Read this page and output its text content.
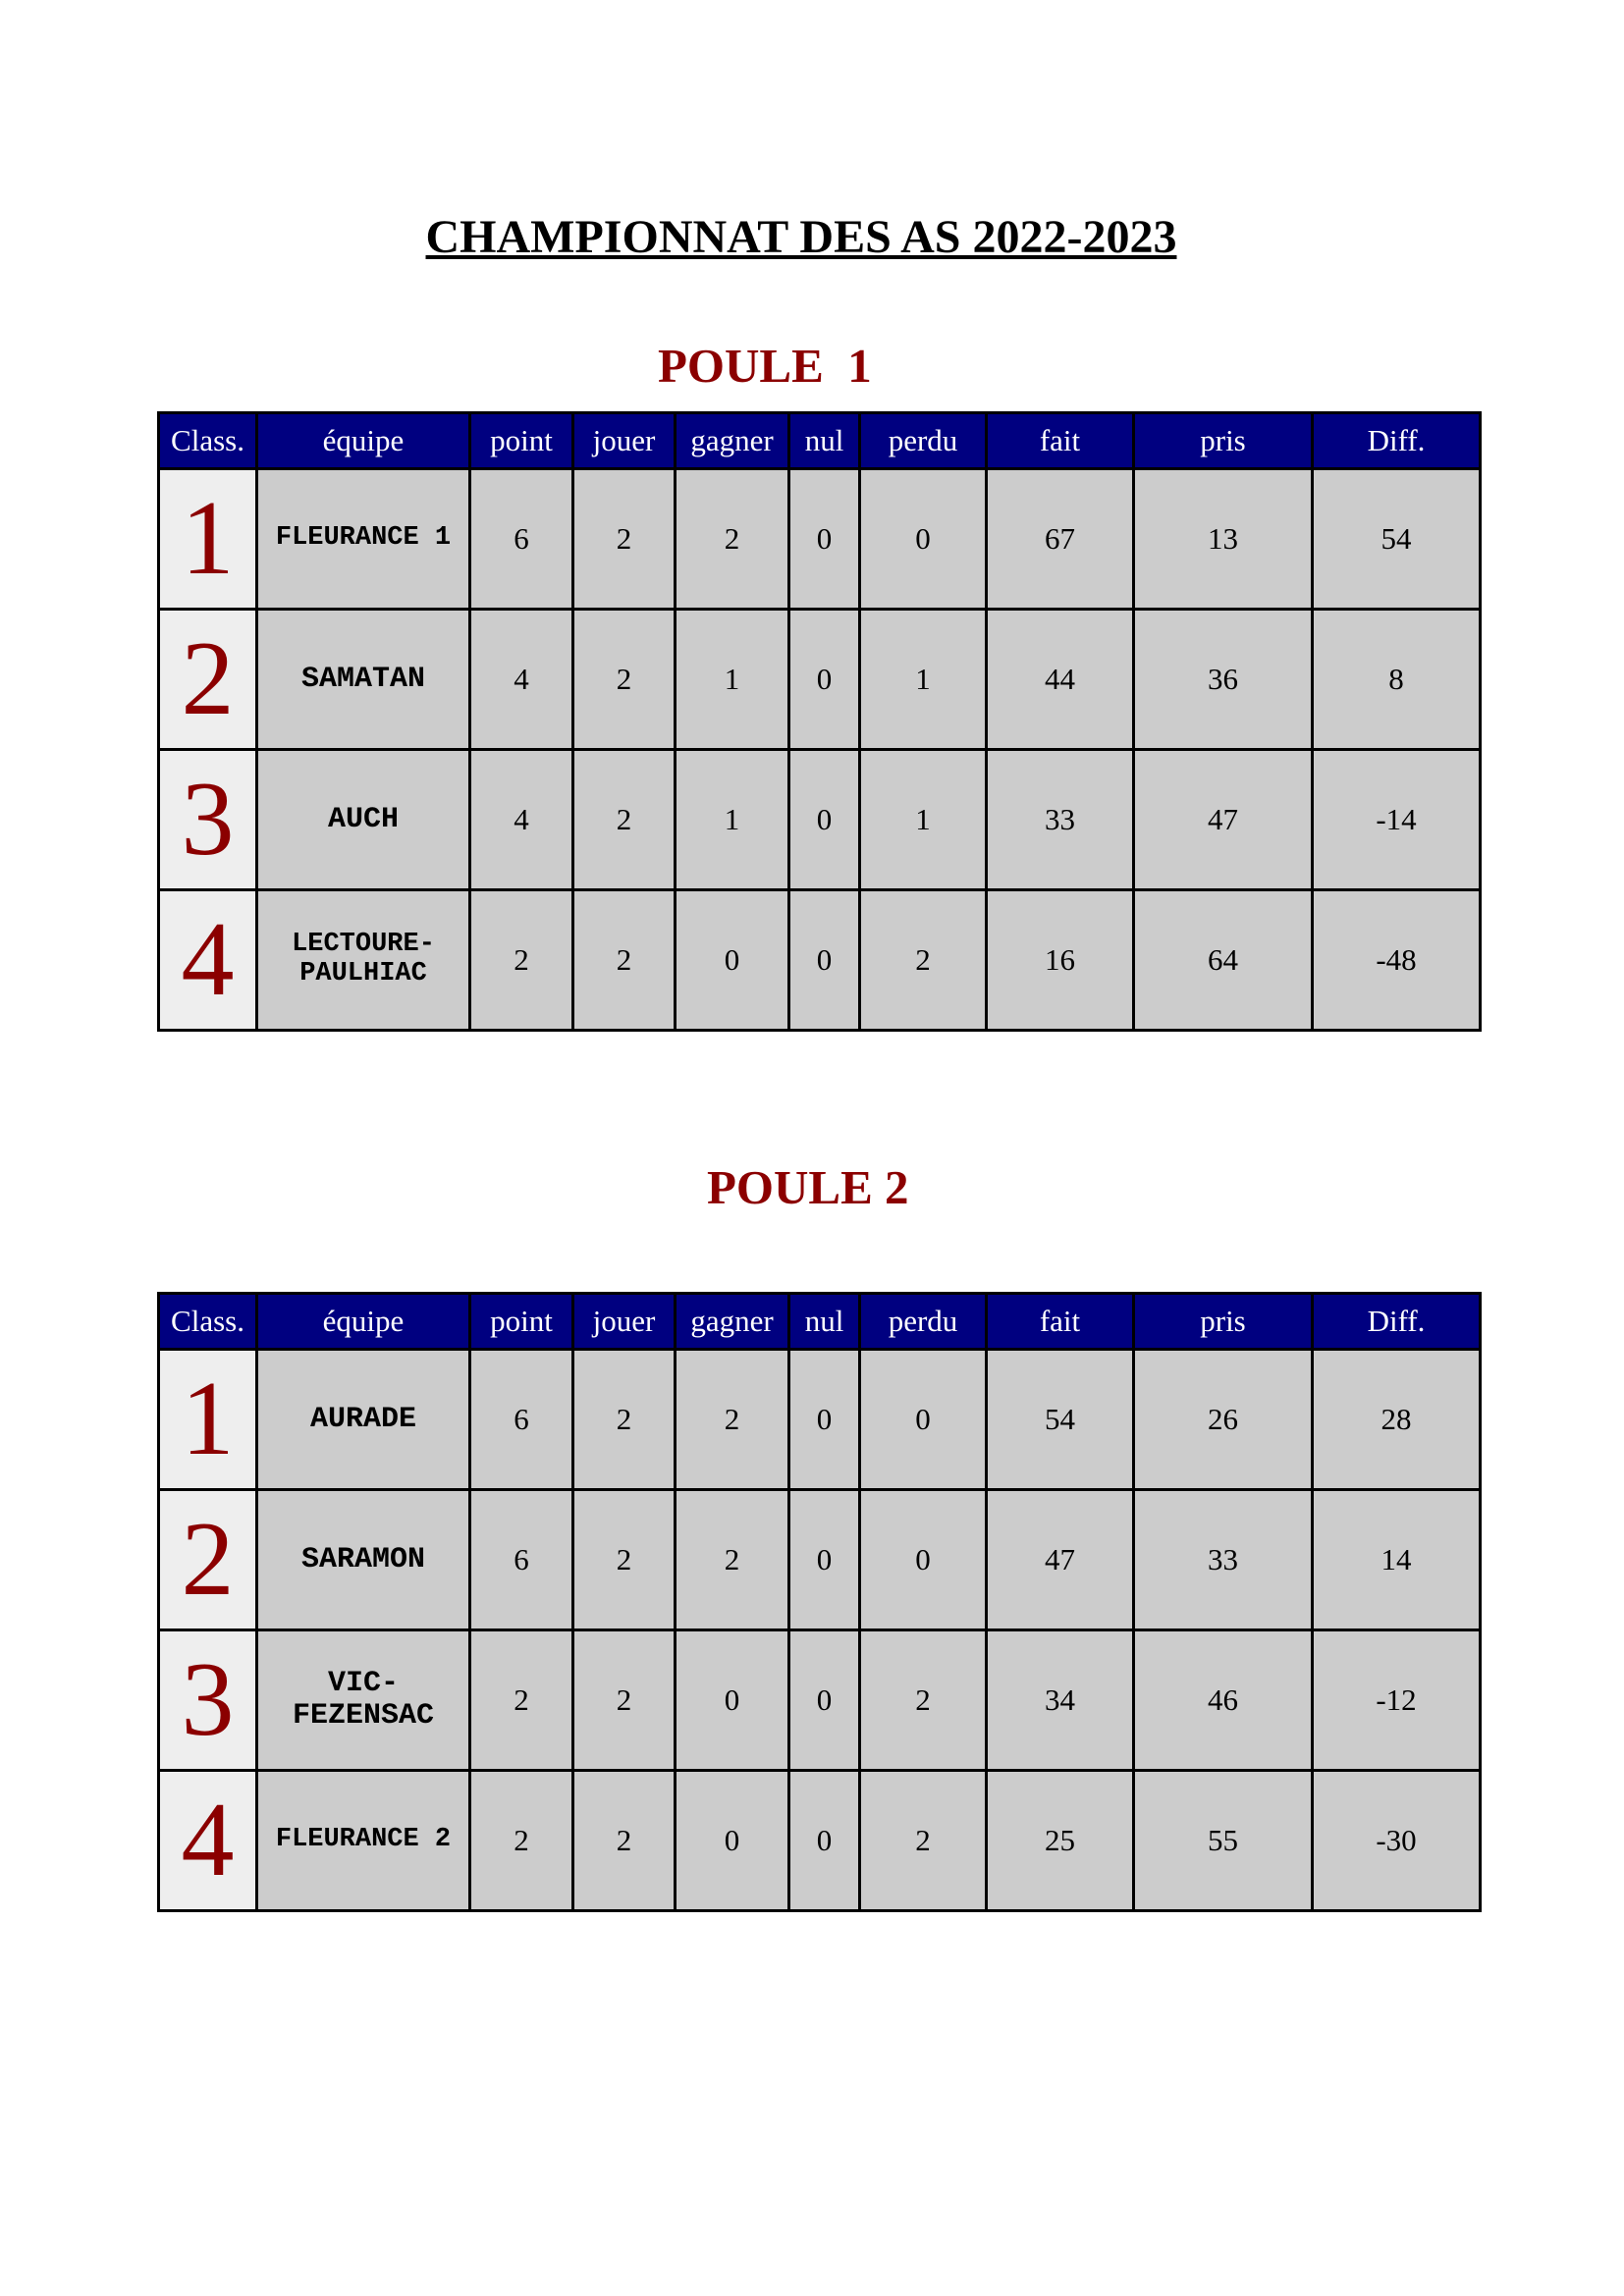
CHAMPIONNAT DES AS 2022-2023
POULE  1
Class.	équipe	point	jouer	gagner	nul	perdu	fait	pris	Diff.
1	FLEURANCE 1	6	2	2	0	0	67	13	54
2	SAMATAN	4	2	1	0	1	44	36	8
3	AUCH	4	2	1	0	1	33	47	-14
4	LECTOURE-PAULHIAC	2	2	0	0	2	16	64	-48
POULE 2
Class.	équipe	point	jouer	gagner	nul	perdu	fait	pris	Diff.
1	AURADE	6	2	2	0	0	54	26	28
2	SARAMON	6	2	2	0	0	47	33	14
3	VIC-FEZENSAC	2	2	0	0	2	34	46	-12
4	FLEURANCE 2	2	2	0	0	2	25	55	-30
